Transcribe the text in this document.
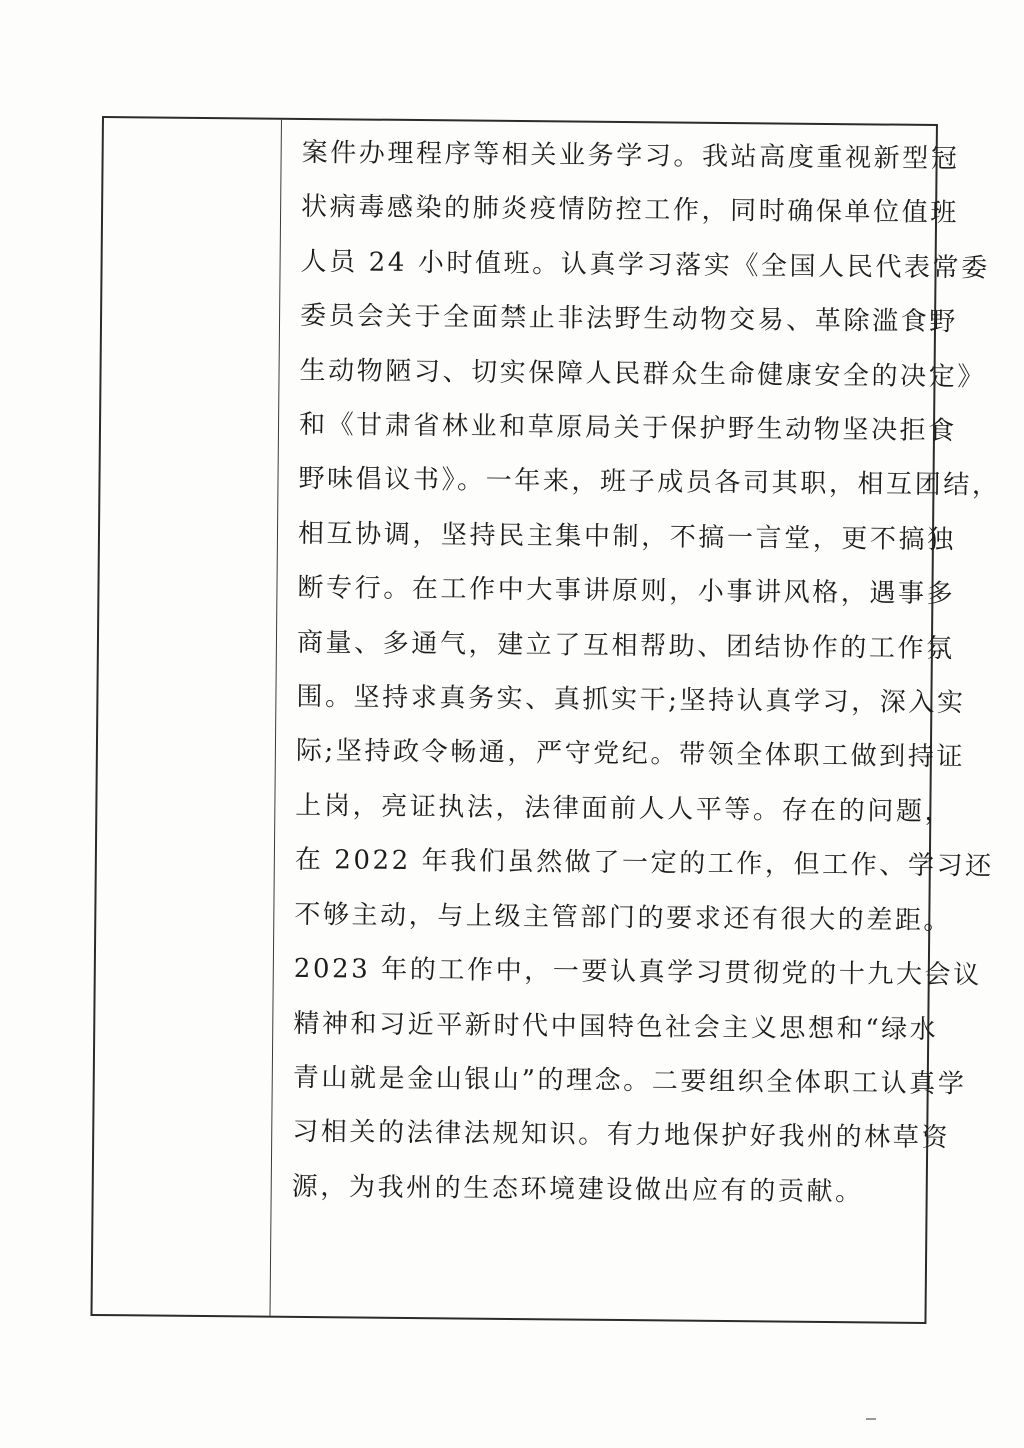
案件办理程序等相关业务学习。我站高度重视新型冠
状病毒感染的肺炎疫情防控工作，同时确保单位值班
人员 24 小时值班。认真学习落实《全国人民代表常委
委员会关于全面禁止非法野生动物交易、革除滥食野
生动物陋习、切实保障人民群众生命健康安全的决定》
和《甘肃省林业和草原局关于保护野生动物坚决拒食
野味倡议书》。一年来，班子成员各司其职，相互团结，
相互协调，坚持民主集中制，不搞一言堂，更不搞独
断专行。在工作中大事讲原则，小事讲风格，遇事多
商量、多通气，建立了互相帮助、团结协作的工作氛
围。坚持求真务实、真抓实干;坚持认真学习，深入实
际;坚持政令畅通，严守党纪。带领全体职工做到持证
上岗，亮证执法，法律面前人人平等。存在的问题，
在 2022 年我们虽然做了一定的工作，但工作、学习还
不够主动，与上级主管部门的要求还有很大的差距。
2023 年的工作中，一要认真学习贯彻党的十九大会议
精神和习近平新时代中国特色社会主义思想和“绿水
青山就是金山银山”的理念。二要组织全体职工认真学
习相关的法律法规知识。有力地保护好我州的林草资
源，为我州的生态环境建设做出应有的贡献。
